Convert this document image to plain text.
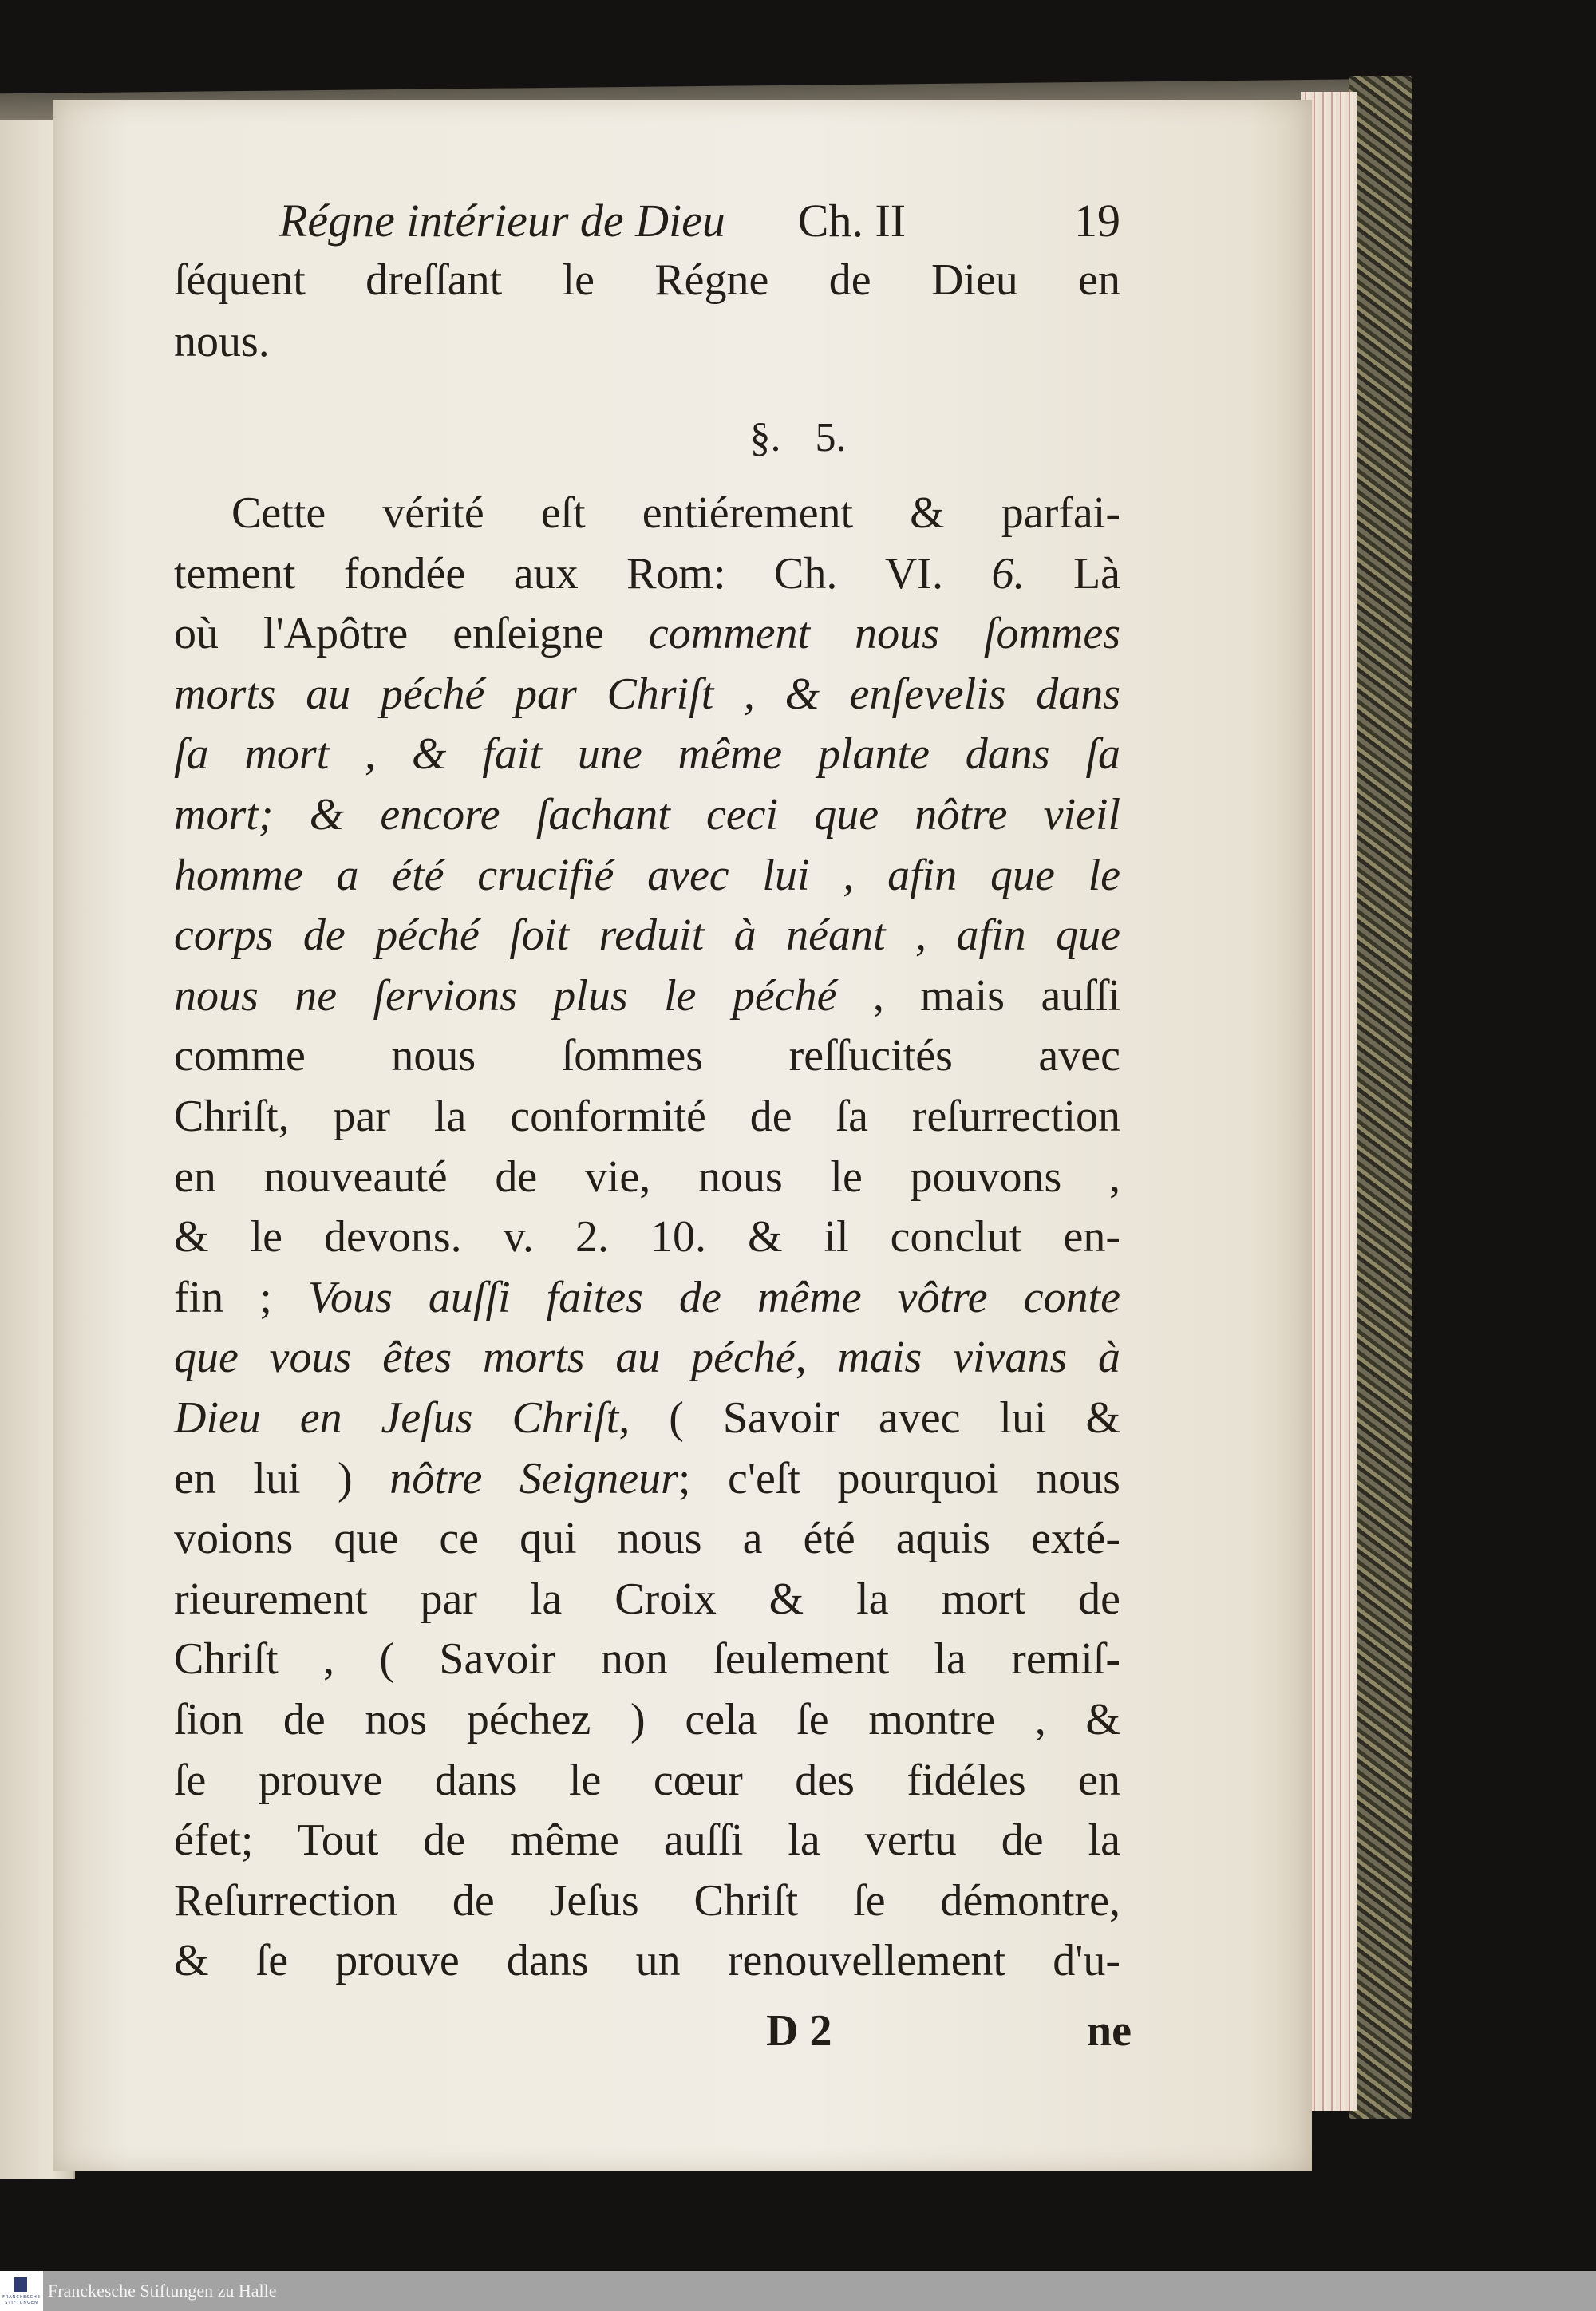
Régne intérieur de Dieu Ch. II	19
ſéquent dreſſant le Régne de Dieu en
nous.
§. 5.
Cette vérité eſt entiérement & parfai-
tement fondée aux Rom: Ch. VI. 6. Là
où l'Apôtre enſeigne comment nous ſommes
morts au péché par Chriſt , & enſevelis dans
ſa mort , & fait une même plante dans ſa
mort; & encore ſachant ceci que nôtre vieil
homme a été crucifié avec lui , afin que le
corps de péché ſoit reduit à néant , afin que
nous ne ſervions plus le péché , mais auſſi
comme nous ſommes reſſucités avec
Chriſt, par la conformité de ſa reſurrection
en nouveauté de vie, nous le pouvons ,
& le devons. v. 2. 10. & il conclut en-
fin ; Vous auſſi faites de même vôtre conte
que vous êtes morts au péché, mais vivans à
Dieu en Jeſus Chriſt, ( Savoir avec lui &
en lui ) nôtre Seigneur; c'eſt pourquoi nous
voions que ce qui nous a été aquis exté-
rieurement par la Croix & la mort de
Chriſt , ( Savoir non ſeulement la remiſ-
ſion de nos péchez ) cela ſe montre , &
ſe prouve dans le cœur des fidéles en
éfet; Tout de même auſſi la vertu de la
Reſurrection de Jeſus Chriſt ſe démontre,
& ſe prouve dans un renouvellement d'u-
D 2	ne
FRANCKESCHE STIFTUNGEN
Franckesche Stiftungen zu Halle
